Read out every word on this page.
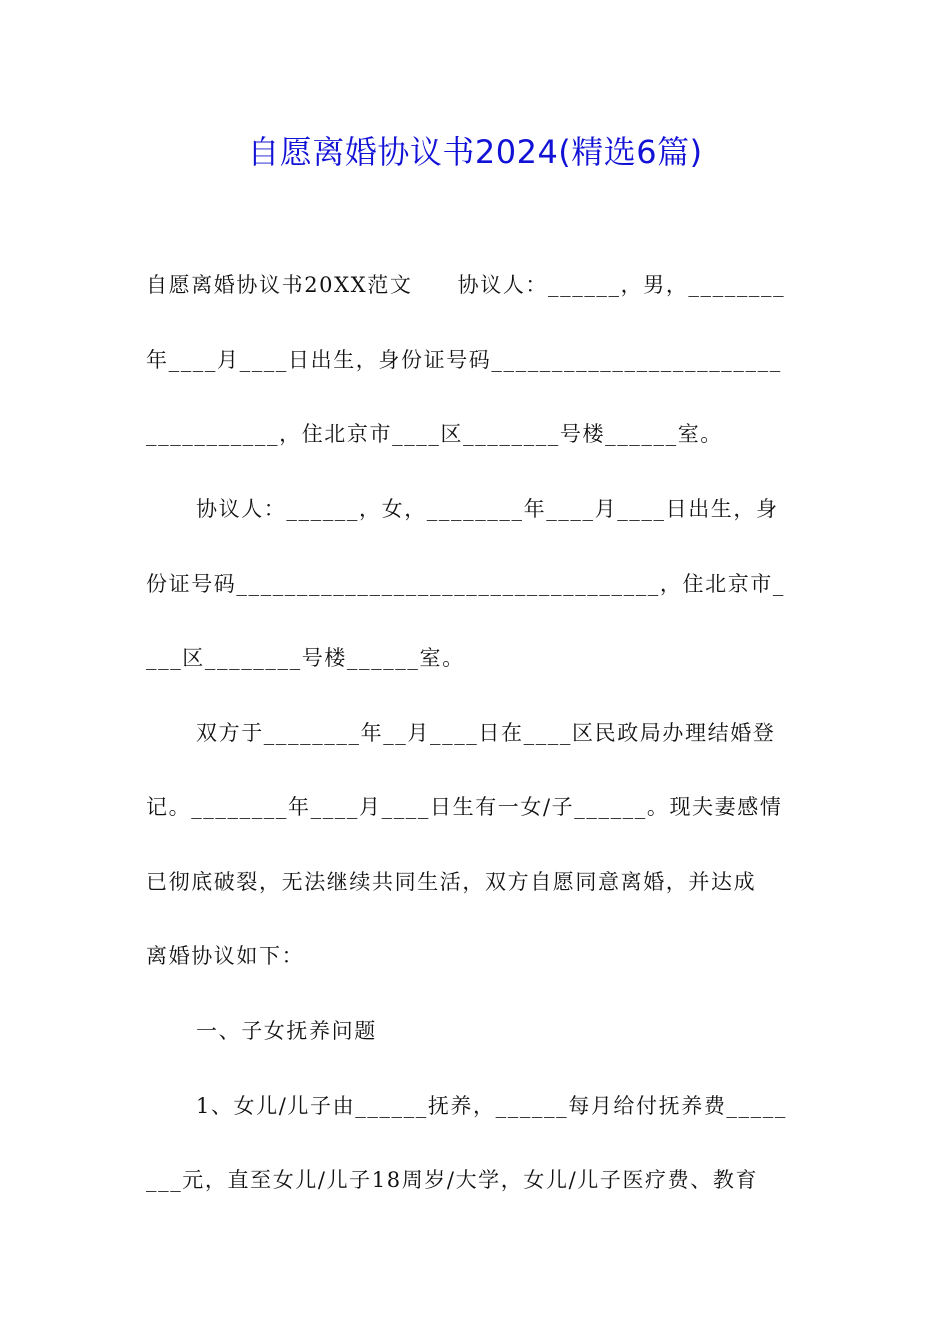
自愿离婚协议书2024(精选6篇)
自愿离婚协议书20XX范文　　协议人：______，男，________
年____月____日出生，身份证号码________________________
___________，住北京市____区________号楼______室。
协议人：______，女，________年____月____日出生，身
份证号码___________________________________，住北京市_
___区________号楼______室。
双方于________年__月____日在____区民政局办理结婚登
记。________年____月____日生有一女/子______。现夫妻感情
已彻底破裂，无法继续共同生活，双方自愿同意离婚，并达成
离婚协议如下：
一、子女抚养问题
1、女儿/儿子由______抚养，______每月给付抚养费_____
___元，直至女儿/儿子18周岁/大学，女儿/儿子医疗费、教育
